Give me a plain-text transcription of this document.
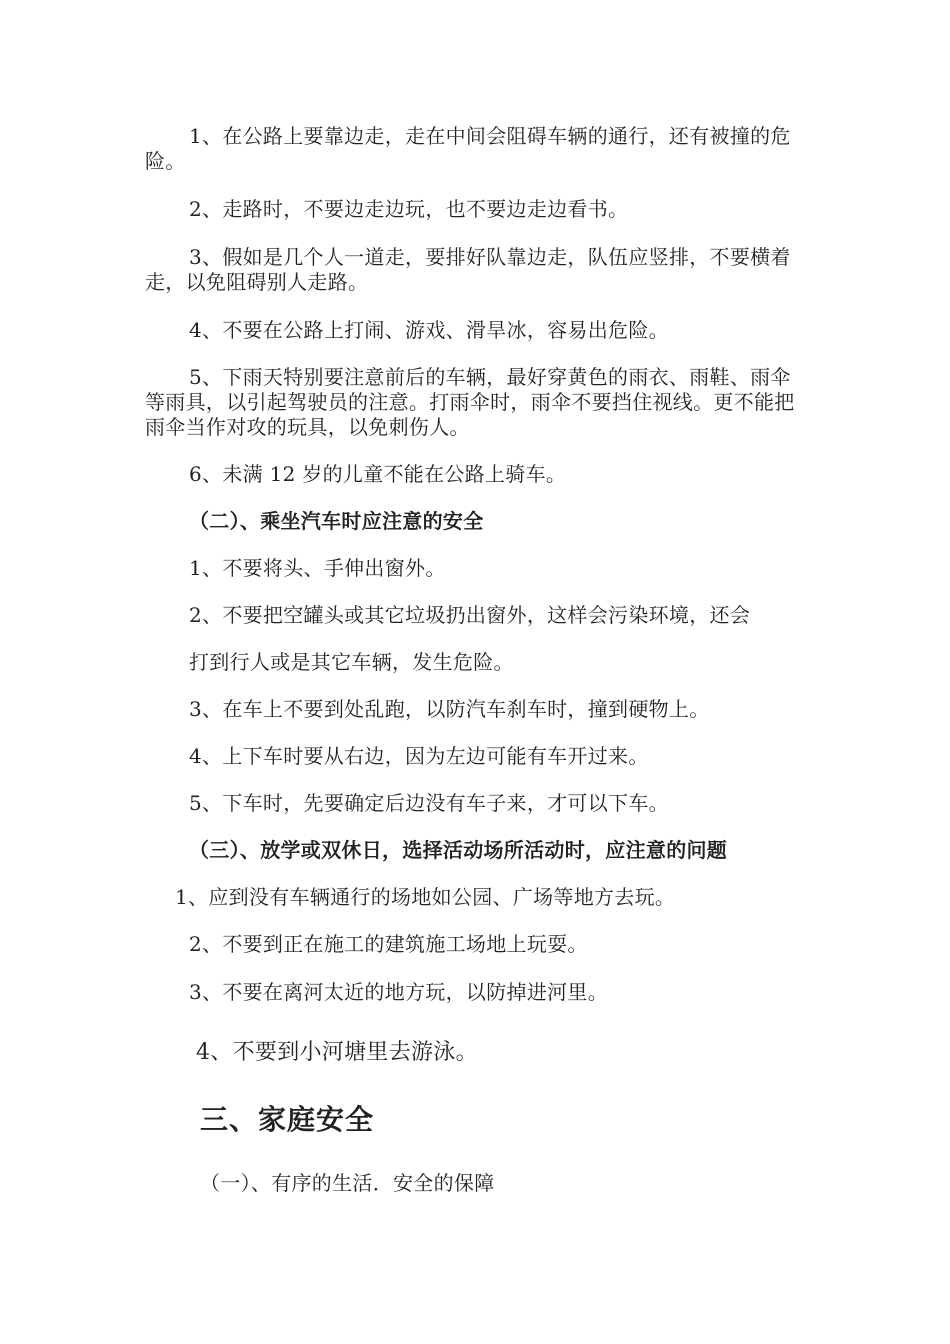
1、在公路上要靠边走，走在中间会阻碍车辆的通行，还有被撞的危险。
2、走路时，不要边走边玩，也不要边走边看书。
3、假如是几个人一道走，要排好队靠边走，队伍应竖排，不要横着走，以免阻碍别人走路。
4、不要在公路上打闹、游戏、滑旱冰，容易出危险。
5、下雨天特别要注意前后的车辆，最好穿黄色的雨衣、雨鞋、雨伞等雨具，以引起驾驶员的注意。打雨伞时，雨伞不要挡住视线。更不能把雨伞当作对攻的玩具，以免刺伤人。
6、未满 12 岁的儿童不能在公路上骑车。
（二）、乘坐汽车时应注意的安全
1、不要将头、手伸出窗外。
2、不要把空罐头或其它垃圾扔出窗外，这样会污染环境，还会
打到行人或是其它车辆，发生危险。
3、在车上不要到处乱跑，以防汽车刹车时，撞到硬物上。
4、上下车时要从右边，因为左边可能有车开过来。
5、下车时，先要确定后边没有车子来，才可以下车。
（三）、放学或双休日，选择活动场所活动时，应注意的问题
1、应到没有车辆通行的场地如公园、广场等地方去玩。
2、不要到正在施工的建筑施工场地上玩耍。
3、不要在离河太近的地方玩，以防掉进河里。
4、不要到小河塘里去游泳。
三、家庭安全
（一）、有序的生活．安全的保障
